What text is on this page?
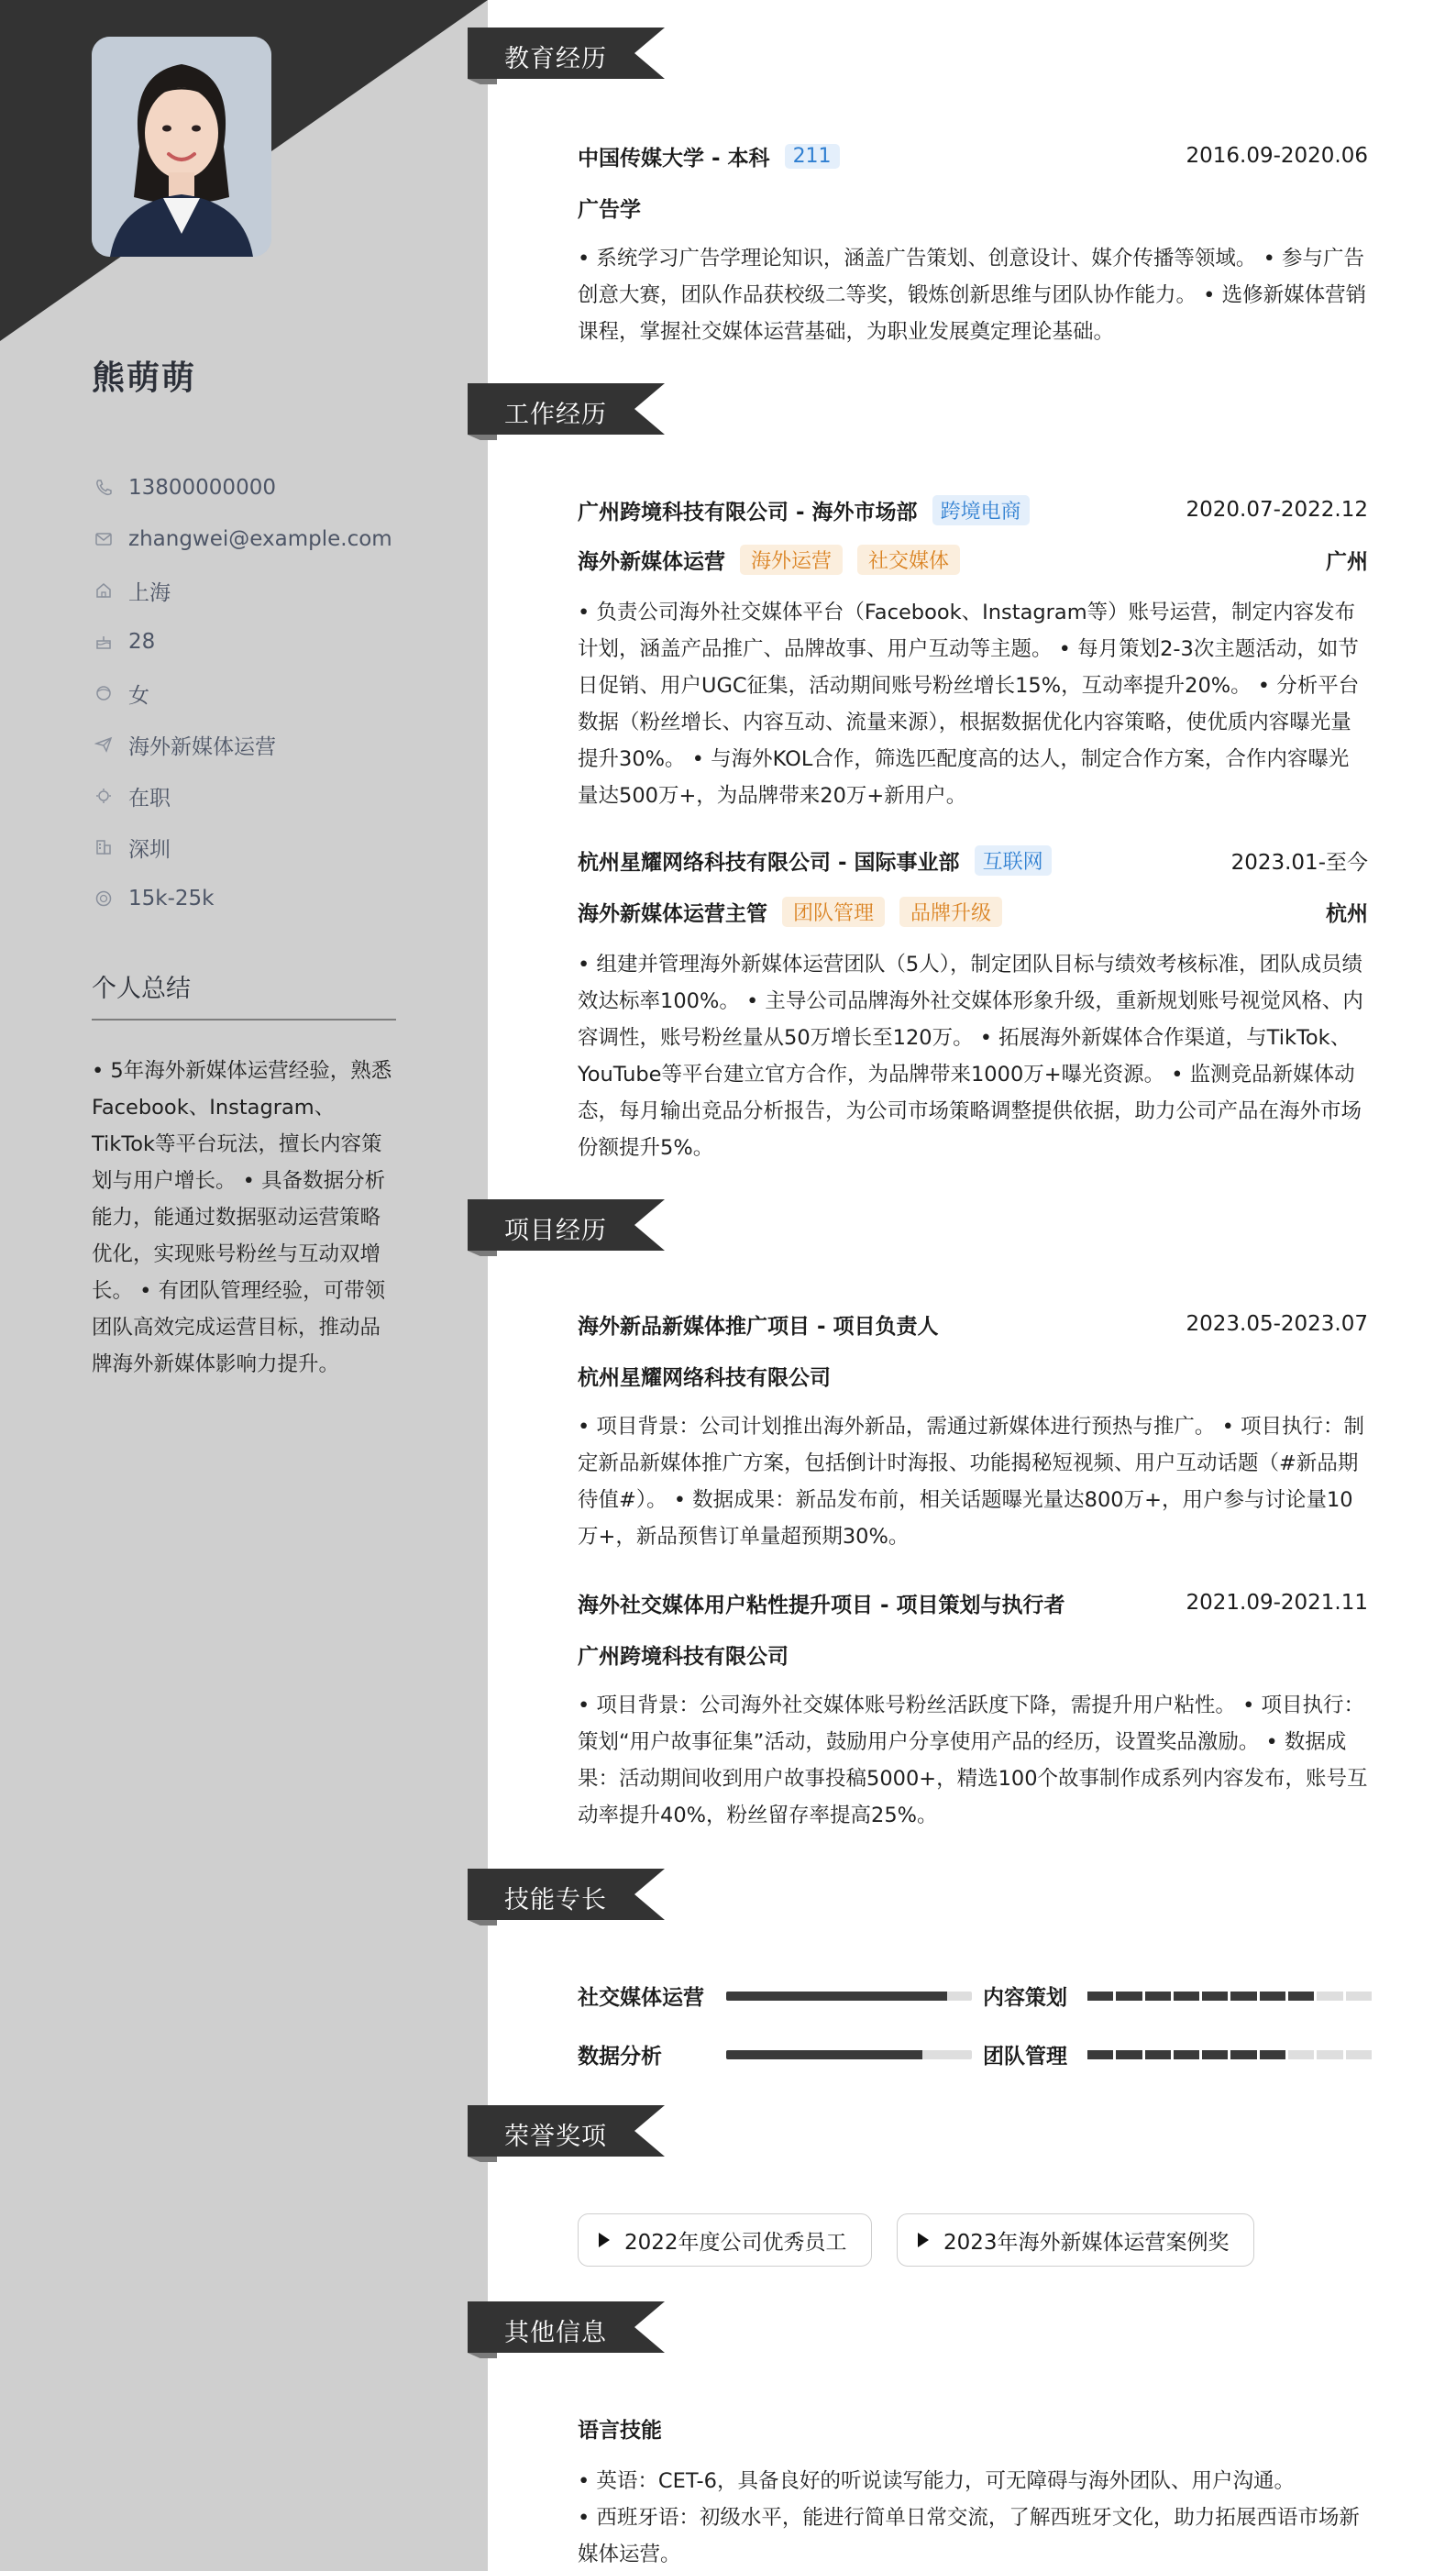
熊萌萌
13800000000
zhangwei@example.com
上海
28
女
海外新媒体运营
在职
深圳
15k-25k
个人总结
• 5年海外新媒体运营经验，熟悉Facebook、Instagram、TikTok等平台玩法，擅长内容策划与用户增长。 • 具备数据分析能力，能通过数据驱动运营策略优化，实现账号粉丝与互动双增长。 • 有团队管理经验，可带领团队高效完成运营目标，推动品牌海外新媒体影响力提升。
教育经历
工作经历
项目经历
技能专长
荣誉奖项
其他信息
中国传媒大学 - 本科	211	2016.09-2020.06
广告学
• 系统学习广告学理论知识，涵盖广告策划、创意设计、媒介传播等领域。 • 参与广告创意大赛，团队作品获校级二等奖，锻炼创新思维与团队协作能力。 • 选修新媒体营销课程，掌握社交媒体运营基础，为职业发展奠定理论基础。
广州跨境科技有限公司 - 海外市场部	跨境电商	2020.07-2022.12
海外新媒体运营	海外运营	社交媒体	广州
• 负责公司海外社交媒体平台（Facebook、Instagram等）账号运营，制定内容发布计划，涵盖产品推广、品牌故事、用户互动等主题。 • 每月策划2-3次主题活动，如节日促销、用户UGC征集，活动期间账号粉丝增长15%，互动率提升20%。 • 分析平台数据（粉丝增长、内容互动、流量来源），根据数据优化内容策略，使优质内容曝光量提升30%。 • 与海外KOL合作，筛选匹配度高的达人，制定合作方案，合作内容曝光量达500万+，为品牌带来20万+新用户。
杭州星耀网络科技有限公司 - 国际事业部	互联网	2023.01-至今
海外新媒体运营主管	团队管理	品牌升级	杭州
• 组建并管理海外新媒体运营团队（5人），制定团队目标与绩效考核标准，团队成员绩效达标率100%。 • 主导公司品牌海外社交媒体形象升级，重新规划账号视觉风格、内容调性，账号粉丝量从50万增长至120万。 • 拓展海外新媒体合作渠道，与TikTok、YouTube等平台建立官方合作，为品牌带来1000万+曝光资源。 • 监测竞品新媒体动态，每月输出竞品分析报告，为公司市场策略调整提供依据，助力公司产品在海外市场份额提升5%。
海外新品新媒体推广项目 - 项目负责人	2023.05-2023.07
杭州星耀网络科技有限公司
• 项目背景：公司计划推出海外新品，需通过新媒体进行预热与推广。 • 项目执行：制定新品新媒体推广方案，包括倒计时海报、功能揭秘短视频、用户互动话题（#新品期待值#）。 • 数据成果：新品发布前，相关话题曝光量达800万+，用户参与讨论量10万+，新品预售订单量超预期30%。
海外社交媒体用户粘性提升项目 - 项目策划与执行者	2021.09-2021.11
广州跨境科技有限公司
• 项目背景：公司海外社交媒体账号粉丝活跃度下降，需提升用户粘性。 • 项目执行：策划“用户故事征集”活动，鼓励用户分享使用产品的经历，设置奖品激励。 • 数据成果：活动期间收到用户故事投稿5000+，精选100个故事制作成系列内容发布，账号互动率提升40%，粉丝留存率提高25%。
社交媒体运营	内容策划
数据分析	团队管理
2022年度公司优秀员工	2023年海外新媒体运营案例奖
语言技能
• 英语：CET-6，具备良好的听说读写能力，可无障碍与海外团队、用户沟通。
• 西班牙语：初级水平，能进行简单日常交流，了解西班牙文化，助力拓展西语市场新媒体运营。
